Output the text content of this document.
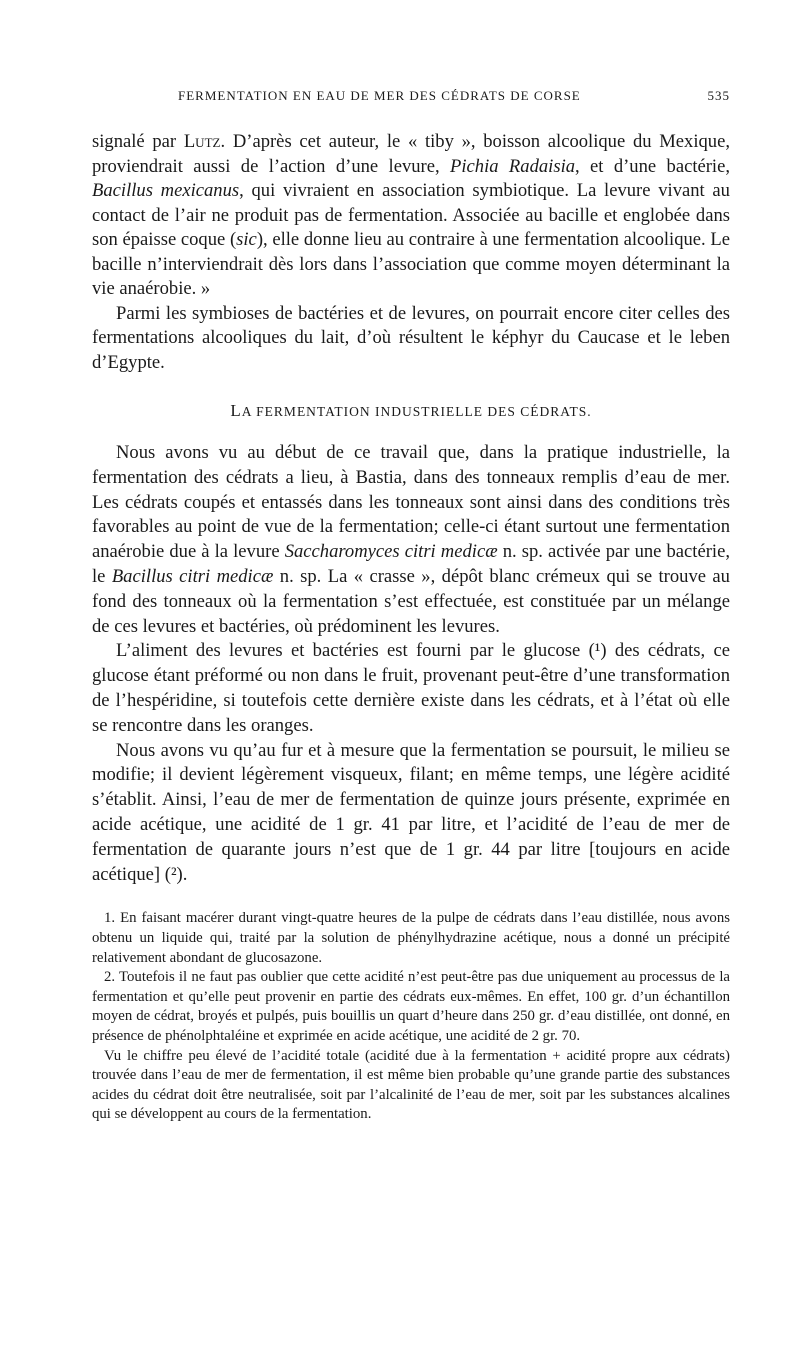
FERMENTATION EN EAU DE MER DES CÉDRATS DE CORSE	535

signalé par Lutz. D’après cet auteur, le « tiby », boisson alcoolique du Mexique, proviendrait aussi de l’action d’une levure, Pichia Radaisia, et d’une bactérie, Bacillus mexicanus, qui vivraient en association symbiotique. La levure vivant au contact de l’air ne produit pas de fermentation. Associée au bacille et englobée dans son épaisse coque (sic), elle donne lieu au contraire à une fermentation alcoolique. Le bacille n’interviendrait dès lors dans l’association que comme moyen déterminant la vie anaérobie. »

Parmi les symbioses de bactéries et de levures, on pourrait encore citer celles des fermentations alcooliques du lait, d’où résultent le képhyr du Caucase et le leben d’Egypte.

LA FERMENTATION INDUSTRIELLE DES CÉDRATS.

Nous avons vu au début de ce travail que, dans la pratique industrielle, la fermentation des cédrats a lieu, à Bastia, dans des tonneaux remplis d’eau de mer. Les cédrats coupés et entassés dans les tonneaux sont ainsi dans des conditions très favorables au point de vue de la fermentation; celle-ci étant surtout une fermentation anaérobie due à la levure Saccharomyces citri medicæ n. sp. activée par une bactérie, le Bacillus citri medicæ n. sp. La « crasse », dépôt blanc crémeux qui se trouve au fond des tonneaux où la fermentation s’est effectuée, est constituée par un mélange de ces levures et bactéries, où prédominent les levures.

L’aliment des levures et bactéries est fourni par le glucose (¹) des cédrats, ce glucose étant préformé ou non dans le fruit, provenant peut-être d’une transformation de l’hespéridine, si toutefois cette dernière existe dans les cédrats, et à l’état où elle se rencontre dans les oranges.

Nous avons vu qu’au fur et à mesure que la fermentation se poursuit, le milieu se modifie; il devient légèrement visqueux, filant; en même temps, une légère acidité s’établit. Ainsi, l’eau de mer de fermentation de quinze jours présente, exprimée en acide acétique, une acidité de 1 gr. 41 par litre, et l’acidité de l’eau de mer de fermentation de quarante jours n’est que de 1 gr. 44 par litre [toujours en acide acétique] (²).

1. En faisant macérer durant vingt-quatre heures de la pulpe de cédrats dans l’eau distillée, nous avons obtenu un liquide qui, traité par la solution de phénylhydrazine acétique, nous a donné un précipité relativement abondant de glucosazone.

2. Toutefois il ne faut pas oublier que cette acidité n’est peut-être pas due uniquement au processus de la fermentation et qu’elle peut provenir en partie des cédrats eux-mêmes. En effet, 100 gr. d’un échantillon moyen de cédrat, broyés et pulpés, puis bouillis un quart d’heure dans 250 gr. d’eau distillée, ont donné, en présence de phénolphtaléine et exprimée en acide acétique, une acidité de 2 gr. 70.

Vu le chiffre peu élevé de l’acidité totale (acidité due à la fermentation + acidité propre aux cédrats) trouvée dans l’eau de mer de fermentation, il est même bien probable qu’une grande partie des substances acides du cédrat doit être neutralisée, soit par l’alcalinité de l’eau de mer, soit par les substances alcalines qui se développent au cours de la fermentation.
